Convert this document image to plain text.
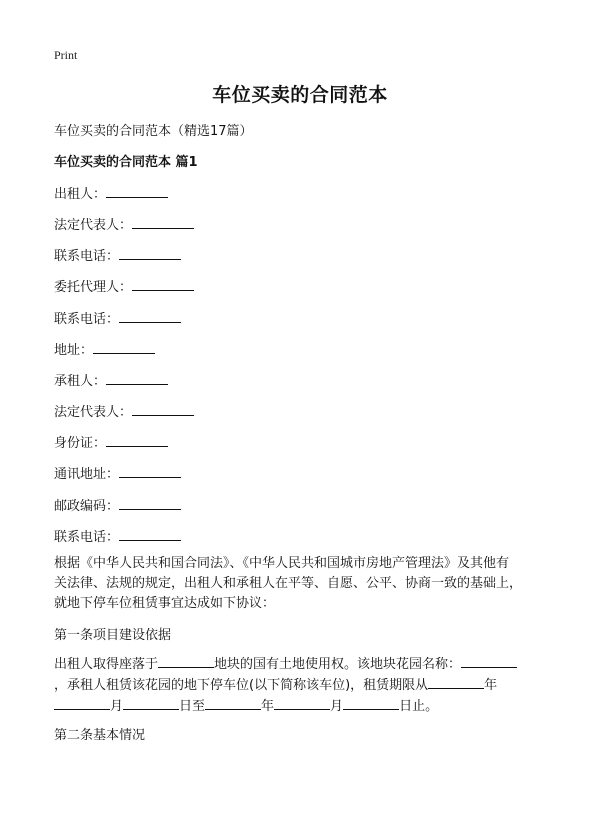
Print
车位买卖的合同范本
车位买卖的合同范本（精选17篇）
车位买卖的合同范本 篇1
出租人：
法定代表人：
联系电话：
委托代理人：
联系电话：
地址：
承租人：
法定代表人：
身份证：
通讯地址：
邮政编码：
联系电话：
根据《中华人民共和国合同法》、《中华人民共和国城市房地产管理法》及其他有
关法律、法规的规定，出租人和承租人在平等、自愿、公平、协商一致的基础上，
就地下停车位租赁事宜达成如下协议：
第一条项目建设依据
出租人取得座落于	地块的国有土地使用权。该地块花园名称：
，承租人租赁该花园的地下停车位(以下简称该车位)，租赁期限从	年
月	日至	年	月	日止。
第二条基本情况
